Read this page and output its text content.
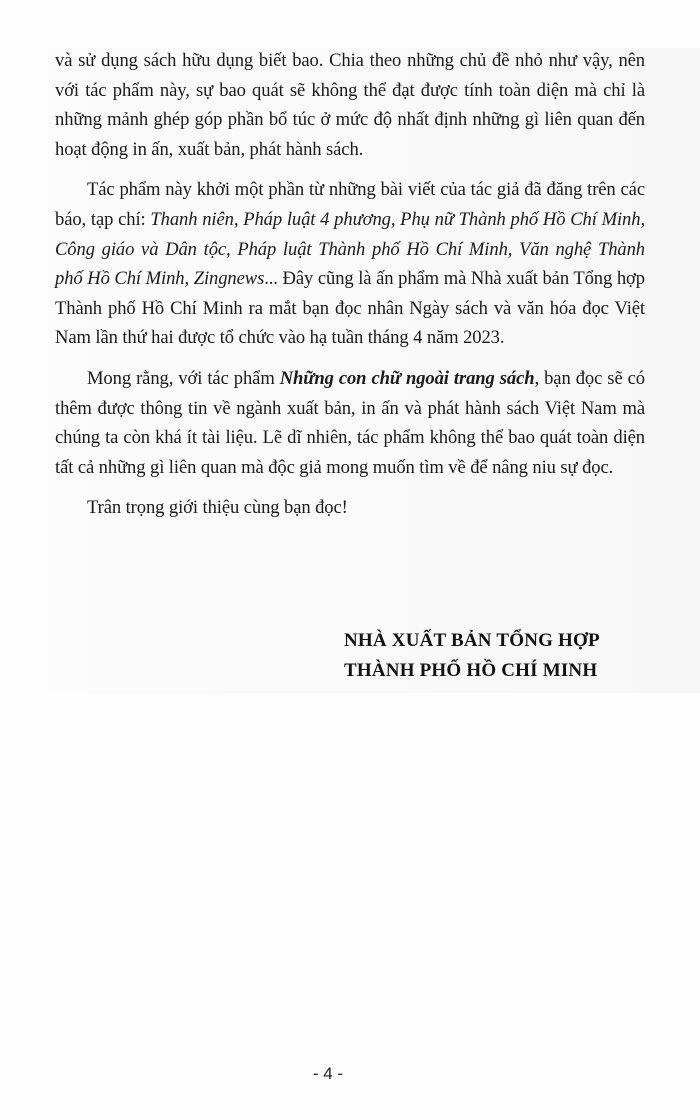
và sử dụng sách hữu dụng biết bao. Chia theo những chủ đề nhỏ như vậy, nên với tác phẩm này, sự bao quát sẽ không thể đạt được tính toàn diện mà chỉ là những mảnh ghép góp phần bổ túc ở mức độ nhất định những gì liên quan đến hoạt động in ấn, xuất bản, phát hành sách.

Tác phẩm này khởi một phần từ những bài viết của tác giả đã đăng trên các báo, tạp chí: Thanh niên, Pháp luật 4 phương, Phụ nữ Thành phố Hồ Chí Minh, Công giáo và Dân tộc, Pháp luật Thành phố Hồ Chí Minh, Văn nghệ Thành phố Hồ Chí Minh, Zingnews... Đây cũng là ấn phẩm mà Nhà xuất bản Tổng hợp Thành phố Hồ Chí Minh ra mắt bạn đọc nhân Ngày sách và văn hóa đọc Việt Nam lần thứ hai được tổ chức vào hạ tuần tháng 4 năm 2023.

Mong rằng, với tác phẩm Những con chữ ngoài trang sách, bạn đọc sẽ có thêm được thông tin về ngành xuất bản, in ấn và phát hành sách Việt Nam mà chúng ta còn khá ít tài liệu. Lẽ dĩ nhiên, tác phẩm không thể bao quát toàn diện tất cả những gì liên quan mà độc giả mong muốn tìm về để nâng niu sự đọc.

Trân trọng giới thiệu cùng bạn đọc!

NHÀ XUẤT BẢN TỔNG HỢP
THÀNH PHỐ HỒ CHÍ MINH
- 4 -
